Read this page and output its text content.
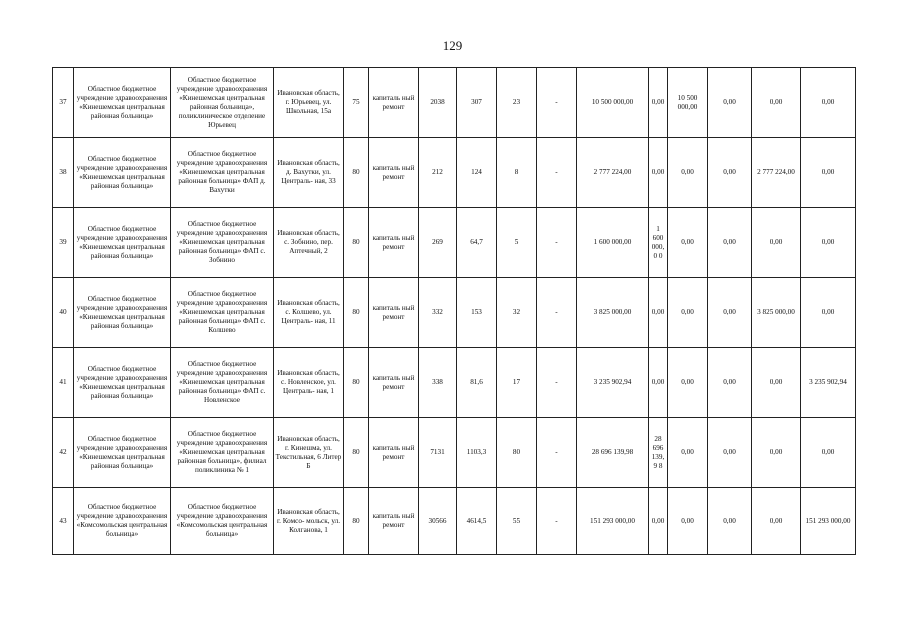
129
37	Областное бюджетное учреждение здравоохранения «Кинешемская центральная районная больница»	Областное бюджетное учреждение здравоохранения «Кинешемская центральная районная больница», поликлиническое отделение Юрьевец	Ивановская область, г. Юрьевец, ул. Школьная, 15а	75	капиталь ный ремонт	2038	307	23	-	10 500 000,00	0,00	10 500 000,00	0,00	0,00	0,00

38	Областное бюджетное учреждение здравоохранения «Кинешемская центральная районная больница»	Областное бюджетное учреждение здравоохранения «Кинешемская центральная районная больница» ФАП д. Вахутки	Ивановская область, д. Вахутки, ул. Централь- ная, 33	80	капиталь ный ремонт	212	124	8	-	2 777 224,00	0,00	0,00	0,00	2 777 224,00	0,00

39	Областное бюджетное учреждение здравоохранения «Кинешемская центральная районная больница»	Областное бюджетное учреждение здравоохранения «Кинешемская центральная районная больница» ФАП с. Зобнино	Ивановская область, с. Зобнино, пер. Аптечный, 2	80	капиталь ный ремонт	269	64,7	5	-	1 600 000,00	1 600 000,0 0	0,00	0,00	0,00	0,00

40	Областное бюджетное учреждение здравоохранения «Кинешемская центральная районная больница»	Областное бюджетное учреждение здравоохранения «Кинешемская центральная районная больница» ФАП с. Колшево	Ивановская область, с. Колшево, ул. Централь- ная, 11	80	капиталь ный ремонт	332	153	32	-	3 825 000,00	0,00	0,00	0,00	3 825 000,00	0,00

41	Областное бюджетное учреждение здравоохранения «Кинешемская центральная районная больница»	Областное бюджетное учреждение здравоохранения «Кинешемская центральная районная больница» ФАП с. Новленское	Ивановская область, с. Новленское, ул. Централь- ная, 1	80	капиталь ный ремонт	338	81,6	17	-	3 235 902,94	0,00	0,00	0,00	0,00	3 235 902,94

42	Областное бюджетное учреждение здравоохранения «Кинешемская центральная районная больница»	Областное бюджетное учреждение здравоохранения «Кинешемская центральная районная больница», филиал поликлиника № 1	Ивановская область, г. Кинешма, ул. Текстильная, 6 Литер Б	80	капиталь ный ремонт	7131	1103,3	80	-	28 696 139,98	28 696 139,9 8	0,00	0,00	0,00	0,00

43	Областное бюджетное учреждение здравоохранения «Комсомольская центральная больница»	Областное бюджетное учреждение здравоохранения «Комсомольская центральная больница»	Ивановская область, г. Комсо- мольск, ул. Колганова, 1	80	капиталь ный ремонт	30566	4614,5	55	-	151 293 000,00	0,00	0,00	0,00	0,00	151 293 000,00
